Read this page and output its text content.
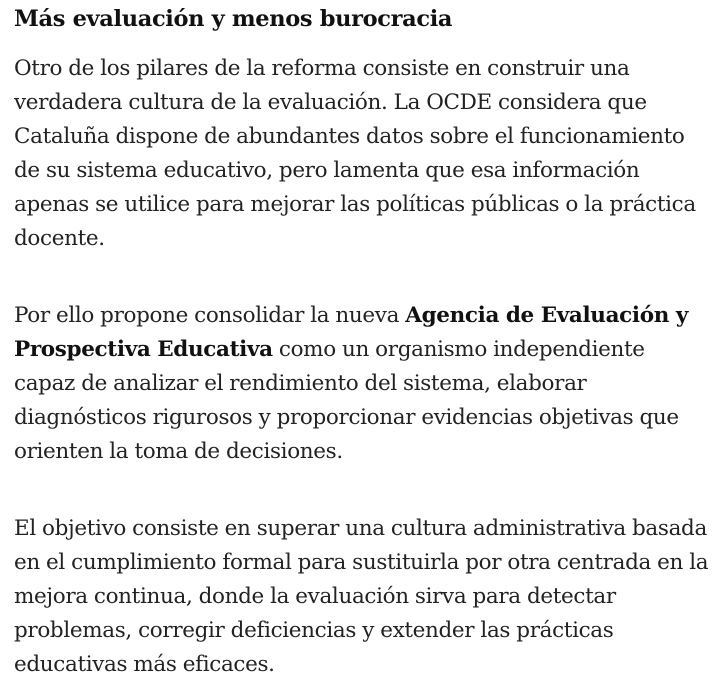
Más evaluación y menos burocracia

Otro de los pilares de la reforma consiste en construir una verdadera cultura de la evaluación. La OCDE considera que Cataluña dispone de abundantes datos sobre el funcionamiento de su sistema educativo, pero lamenta que esa información apenas se utilice para mejorar las políticas públicas o la práctica docente.

Por ello propone consolidar la nueva Agencia de Evaluación y Prospectiva Educativa como un organismo independiente capaz de analizar el rendimiento del sistema, elaborar diagnósticos rigurosos y proporcionar evidencias objetivas que orienten la toma de decisiones.

El objetivo consiste en superar una cultura administrativa basada en el cumplimiento formal para sustituirla por otra centrada en la mejora continua, donde la evaluación sirva para detectar problemas, corregir deficiencias y extender las prácticas educativas más eficaces.
